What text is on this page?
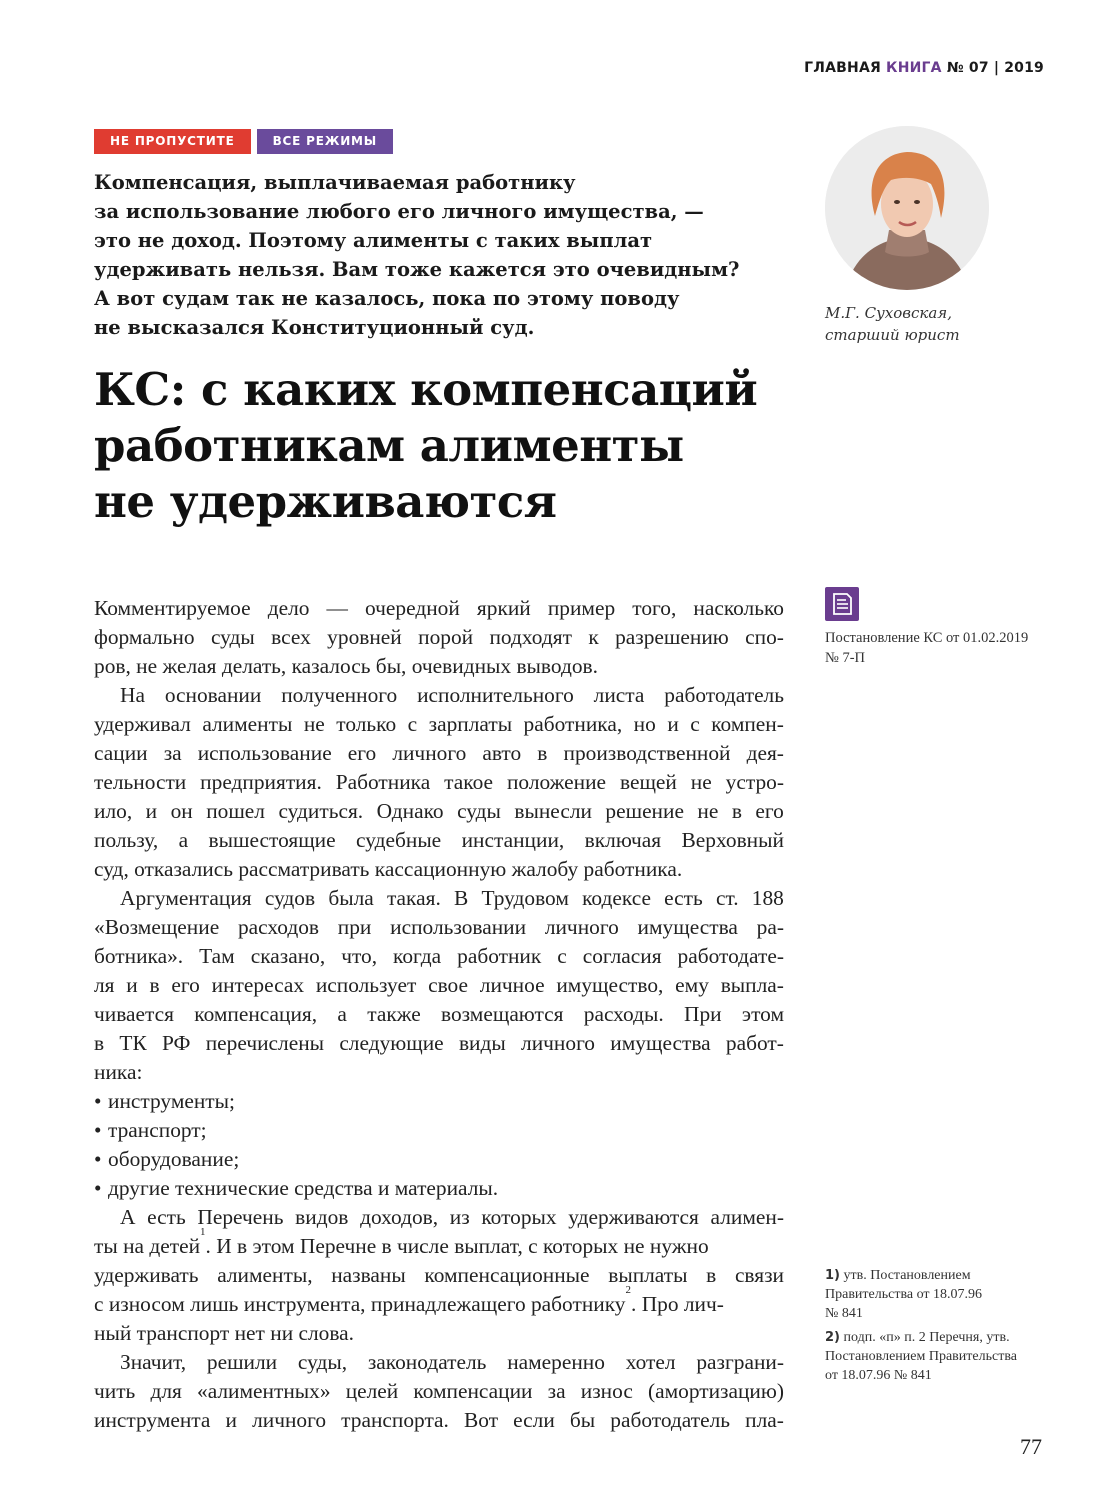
ГЛАВНАЯ КНИГА № 07 | 2019
НЕ ПРОПУСТИТЕ	ВСЕ РЕЖИМЫ
Компенсация, выплачиваемая работнику
за использование любого его личного имущества, —
это не доход. Поэтому алименты с таких выплат
удерживать нельзя. Вам тоже кажется это очевидным?
А вот судам так не казалось, пока по этому поводу
не высказался Конституционный суд.
М.Г. Суховская,
старший юрист
КС: с каких компенсаций
работникам алименты
не удерживаются
Постановление КС от 01.02.2019
№ 7-П
Комментируемое дело — очередной яркий пример того, насколько
формально суды всех уровней порой подходят к разрешению спо-
ров, не желая делать, казалось бы, очевидных выводов.
На основании полученного исполнительного листа работодатель
удерживал алименты не только с зарплаты работника, но и с компен-
сации за использование его личного авто в производственной дея-
тельности предприятия. Работника такое положение вещей не устро-
ило, и он пошел судиться. Однако суды вынесли решение не в его
пользу, а вышестоящие судебные инстанции, включая Верховный
суд, отказались рассматривать кассационную жалобу работника.
Аргументация судов была такая. В Трудовом кодексе есть ст. 188
«Возмещение расходов при использовании личного имущества ра-
ботника». Там сказано, что, когда работник с согласия работодате-
ля и в его интересах использует свое личное имущество, ему выпла-
чивается компенсация, а также возмещаются расходы. При этом
в ТК РФ перечислены следующие виды личного имущества работ-
ника:
• инструменты;
• транспорт;
• оборудование;
• другие технические средства и материалы.
А есть Перечень видов доходов, из которых удерживаются алимен-
ты на детей
1
. И в этом Перечне в числе выплат, с которых не нужно
удерживать алименты, названы компенсационные выплаты в связи
с износом лишь инструмента, принадлежащего работнику
2
. Про лич-
ный транспорт нет ни слова.
Значит, решили суды, законодатель намеренно хотел разграни-
чить для «алиментных» целей компенсации за износ (амортизацию)
инструмента и личного транспорта. Вот если бы работодатель пла-
1) утв. Постановлением
Правительства от 18.07.96
№ 841
2) подп. «п» п. 2 Перечня, утв.
Постановлением Правительства
от 18.07.96 № 841
77
